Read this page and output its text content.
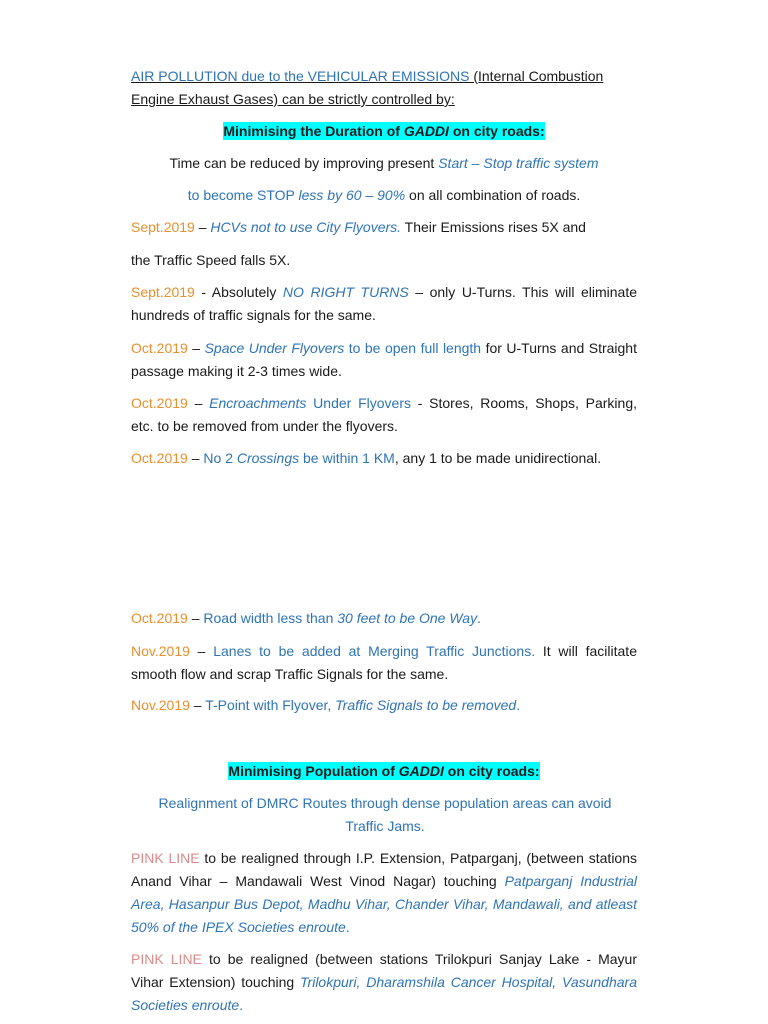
AIR POLLUTION due to the VEHICULAR EMISSIONS (Internal Combustion Engine Exhaust Gases) can be strictly controlled by:

Minimising the Duration of GADDI on city roads:

Time can be reduced by improving present Start – Stop traffic system

to become STOP less by 60 – 90% on all combination of roads.

Sept.2019 – HCVs not to use City Flyovers. Their Emissions rises 5X and

the Traffic Speed falls 5X.

Sept.2019 - Absolutely NO RIGHT TURNS – only U-Turns. This will eliminate hundreds of traffic signals for the same.

Oct.2019 – Space Under Flyovers to be open full length for U-Turns and Straight passage making it 2-3 times wide.

Oct.2019 – Encroachments Under Flyovers - Stores, Rooms, Shops, Parking, etc. to be removed from under the flyovers.

Oct.2019 – No 2 Crossings be within 1 KM, any 1 to be made unidirectional.

Oct.2019 – Road width less than 30 feet to be One Way.

Nov.2019 – Lanes to be added at Merging Traffic Junctions. It will facilitate smooth flow and scrap Traffic Signals for the same.

Nov.2019 – T-Point with Flyover, Traffic Signals to be removed.

Minimising Population of GADDI on city roads:

Realignment of DMRC Routes through dense population areas can avoid Traffic Jams.

PINK LINE to be realigned through I.P. Extension, Patparganj, (between stations Anand Vihar – Mandawali West Vinod Nagar) touching Patparganj Industrial Area, Hasanpur Bus Depot, Madhu Vihar, Chander Vihar, Mandawali, and atleast 50% of the IPEX Societies enroute.

PINK LINE to be realigned (between stations Trilokpuri Sanjay Lake - Mayur Vihar Extension) touching Trilokpuri, Dharamshila Cancer Hospital, Vasundhara Societies enroute.
